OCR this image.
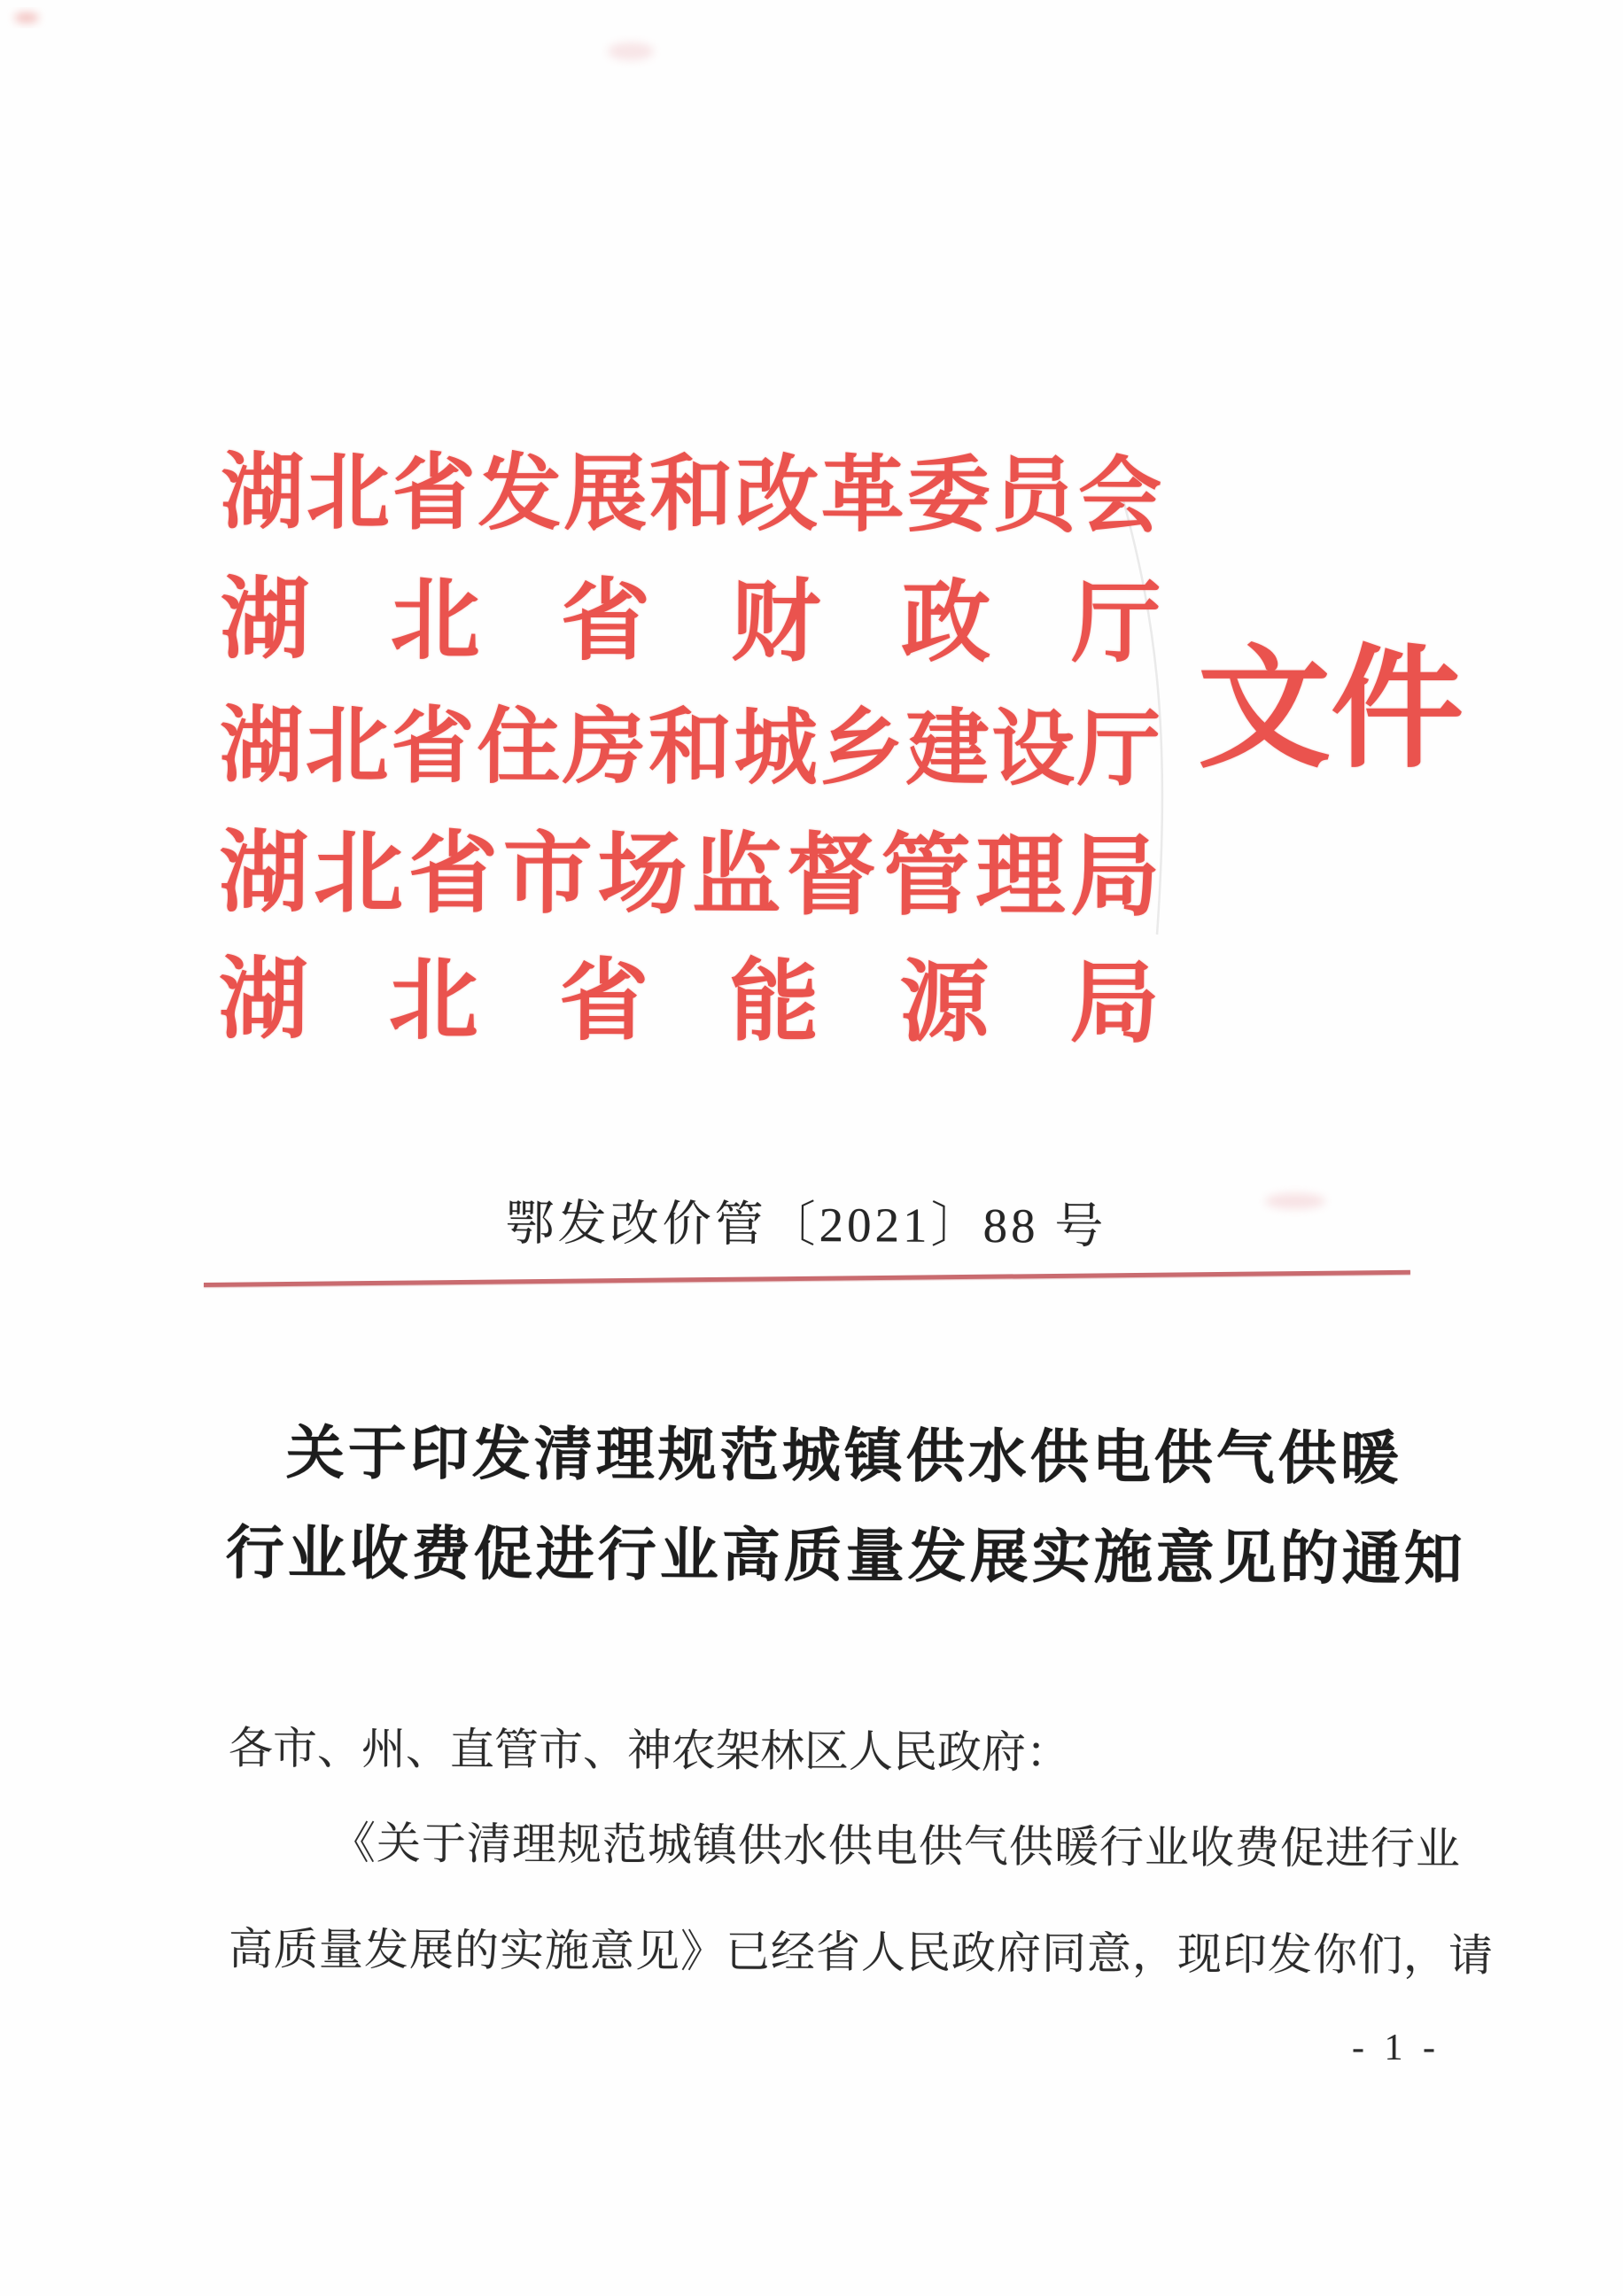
湖 北 省 发 展 和 改 革 委 员 会
湖 北 省 财 政 厅
湖 北 省 住 房 和 城 乡 建 设 厅
湖 北 省 市 场 监 督 管 理 局
湖 北 省 能 源 局
文 件
鄂发改价管〔2021〕88 号
关于印发清理规范城镇供水供电供气供暖
行业收费促进行业高质量发展实施意见的通知
各市、州、直管市、神农架林区人民政府：
《关于清理规范城镇供水供电供气供暖行业收费促进行业
高质量发展的实施意见》已经省人民政府同意，现印发你们，请
- 1 -
